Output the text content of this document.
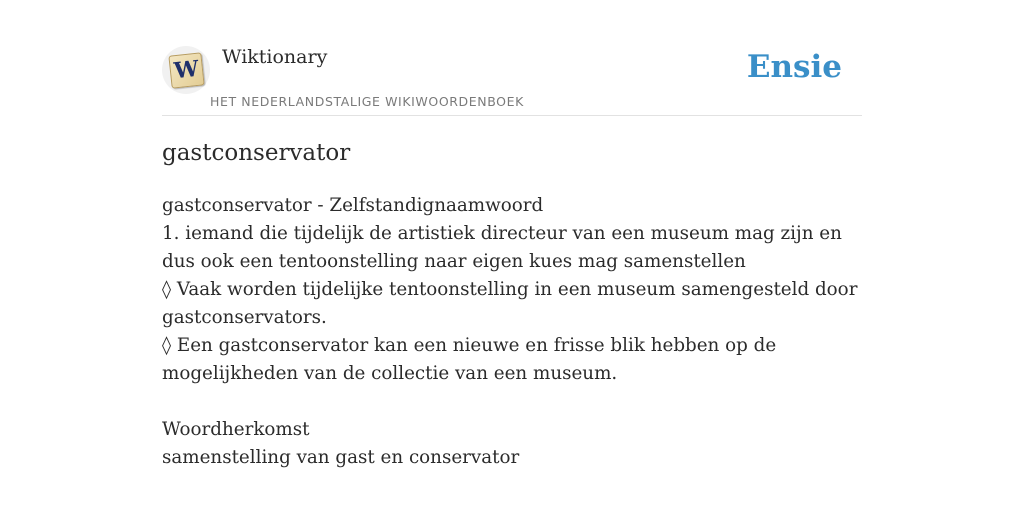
W Wiktionary
HET NEDERLANDSTALIGE WIKIWOORDENBOEK
Ensie
gastconservator

gastconservator - Zelfstandignaamwoord

1. iemand die tijdelijk de artistiek directeur van een museum mag zijn en dus ook een tentoonstelling naar eigen kues mag samenstellen

◊ Vaak worden tijdelijke tentoonstelling in een museum samengesteld door gastconservators.

◊ Een gastconservator kan een nieuwe en frisse blik hebben op de mogelijkheden van de collectie van een museum.

Woordherkomst

samenstelling van gast en conservator
